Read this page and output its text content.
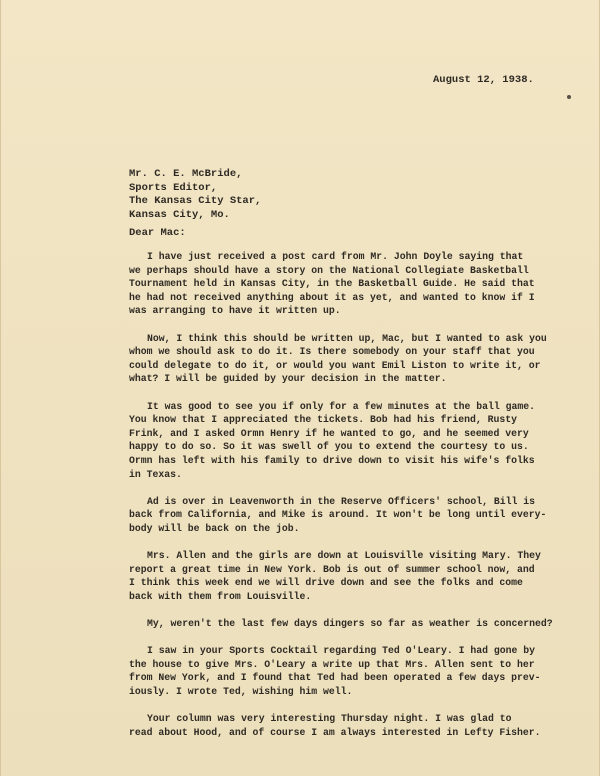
August 12, 1938.
Mr. C. E. McBride,
Sports Editor,
The Kansas City Star,
Kansas City, Mo.
Dear Mac:
I have just received a post card from Mr. John Doyle saying that
we perhaps should have a story on the National Collegiate Basketball
Tournament held in Kansas City, in the Basketball Guide. He said that
he had not received anything about it as yet, and wanted to know if I
was arranging to have it written up.
Now, I think this should be written up, Mac, but I wanted to ask you
whom we should ask to do it. Is there somebody on your staff that you
could delegate to do it, or would you want Emil Liston to write it, or
what? I will be guided by your decision in the matter.
It was good to see you if only for a few minutes at the ball game.
You know that I appreciated the tickets. Bob had his friend, Rusty
Frink, and I asked Ormn Henry if he wanted to go, and he seemed very
happy to do so. So it was swell of you to extend the courtesy to us.
Ormn has left with his family to drive down to visit his wife's folks
in Texas.
Ad is over in Leavenworth in the Reserve Officers' school, Bill is
back from California, and Mike is around. It won't be long until every-
body will be back on the job.
Mrs. Allen and the girls are down at Louisville visiting Mary. They
report a great time in New York. Bob is out of summer school now, and
I think this week end we will drive down and see the folks and come
back with them from Louisville.
My, weren't the last few days dingers so far as weather is concerned?
I saw in your Sports Cocktail regarding Ted O'Leary. I had gone by
the house to give Mrs. O'Leary a write up that Mrs. Allen sent to her
from New York, and I found that Ted had been operated a few days prev-
iously. I wrote Ted, wishing him well.
Your column was very interesting Thursday night. I was glad to
read about Hood, and of course I am always interested in Lefty Fisher.
